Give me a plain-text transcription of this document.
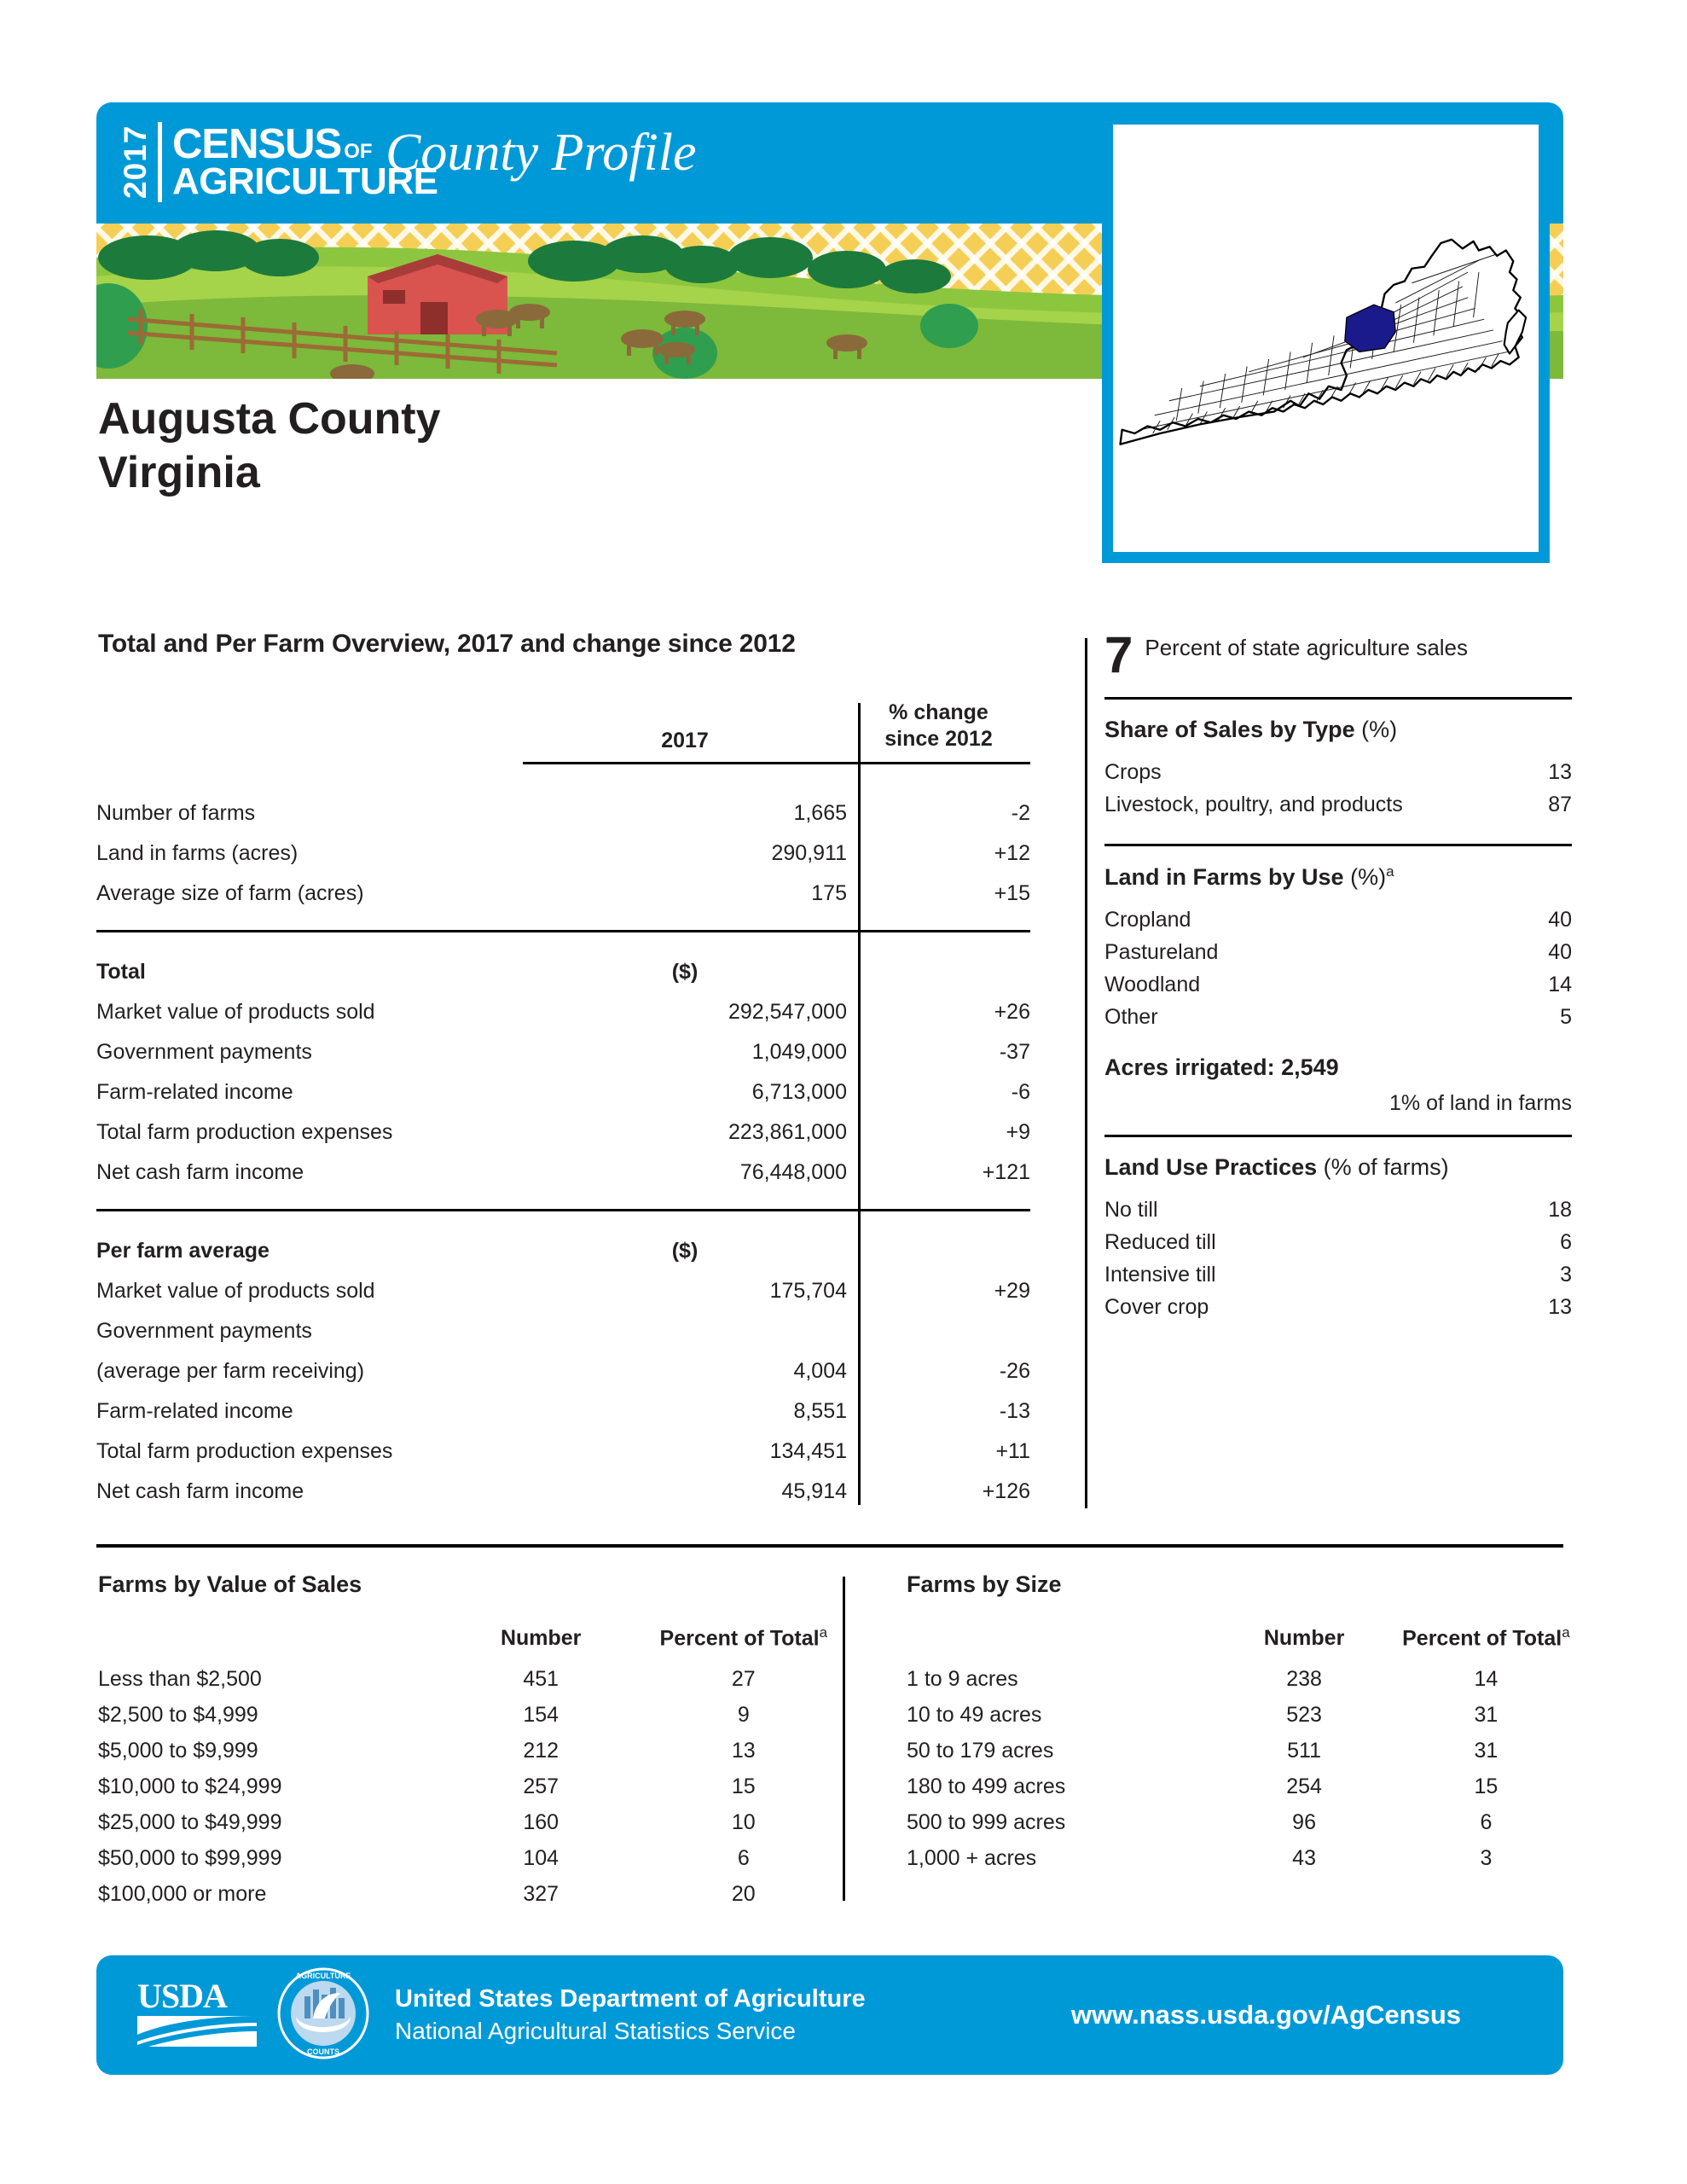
2017 CENSUS OF
AGRICULTURE
County Profile
Augusta County
Virginia
Total and Per Farm Overview, 2017 and change since 2012
	2017	% change
since 2012

Number of farms	1,665	-2
Land in farms (acres)	290,911	+12
Average size of farm (acres)	175	+15

Total	($)	
Market value of products sold	292,547,000	+26
Government payments	1,049,000	-37
Farm-related income	6,713,000	-6
Total farm production expenses	223,861,000	+9
Net cash farm income	76,448,000	+121

Per farm average	($)	
Market value of products sold	175,704	+29
Government payments		
(average per farm receiving)	4,004	-26
Farm-related income	8,551	-13
Total farm production expenses	134,451	+11
Net cash farm income	45,914	+126
7 Percent of state agriculture sales
Share of Sales by Type (%)
Crops	13
Livestock, poultry, and products	87
Land in Farms by Use (%)$^a$
Cropland	40
Pastureland	40
Woodland	14
Other	5
Acres irrigated: 2,549
1% of land in farms
Land Use Practices (% of farms)
No till	18
Reduced till	6
Intensive till	3
Cover crop	13
Farms by Value of Sales
	Number	Percent of Total$^a$
Less than $2,500	451	27
$2,500 to $4,999	154	9
$5,000 to $9,999	212	13
$10,000 to $24,999	257	15
$25,000 to $49,999	160	10
$50,000 to $99,999	104	6
$100,000 or more	327	20
Farms by Size
	Number	Percent of Total$^a$
1 to 9 acres	238	14
10 to 49 acres	523	31
50 to 179 acres	511	31
180 to 499 acres	254	15
500 to 999 acres	96	6
1,000 + acres	43	3
USDA
AGRICULTURE
COUNTS
United States Department of Agriculture
National Agricultural Statistics Service
www.nass.usda.gov/AgCensus
